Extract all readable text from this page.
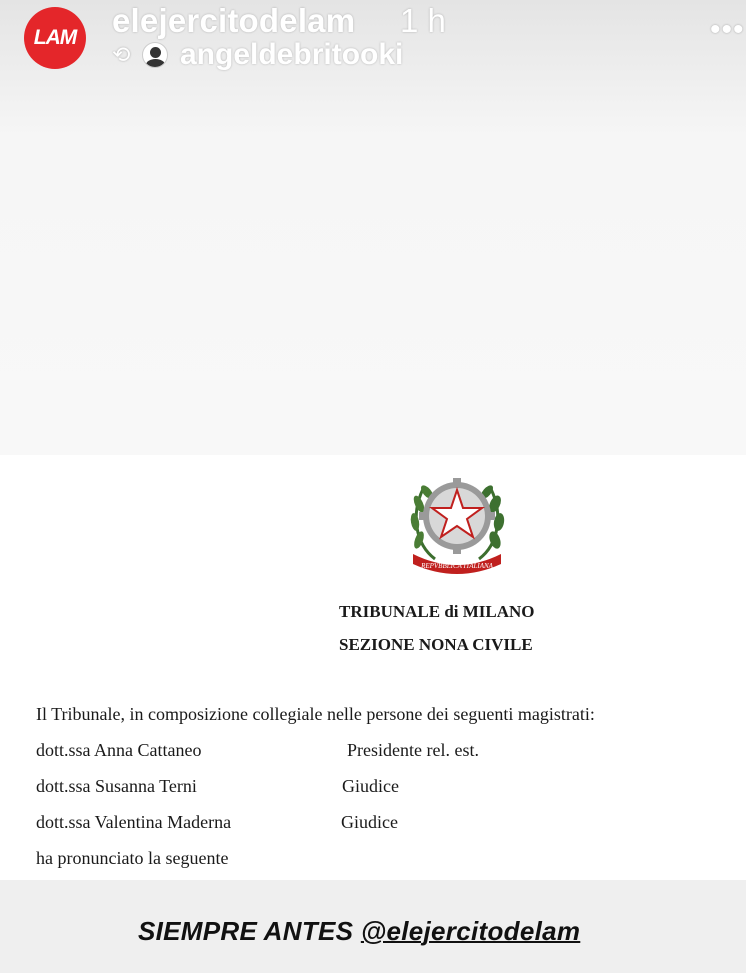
LAM elejercitodelam 1 h
⟲ angeldebritooki
•••
REPVBBLICA ITALIANA
TRIBUNALE di MILANO
SEZIONE NONA CIVILE
Il Tribunale, in composizione collegiale nelle persone dei seguenti magistrati:
dott.ssa Anna Cattaneo	Presidente rel. est.
dott.ssa Susanna Terni	Giudice
dott.ssa Valentina Maderna	Giudice
ha pronunciato la seguente
SIEMPRE ANTES @elejercitodelam
